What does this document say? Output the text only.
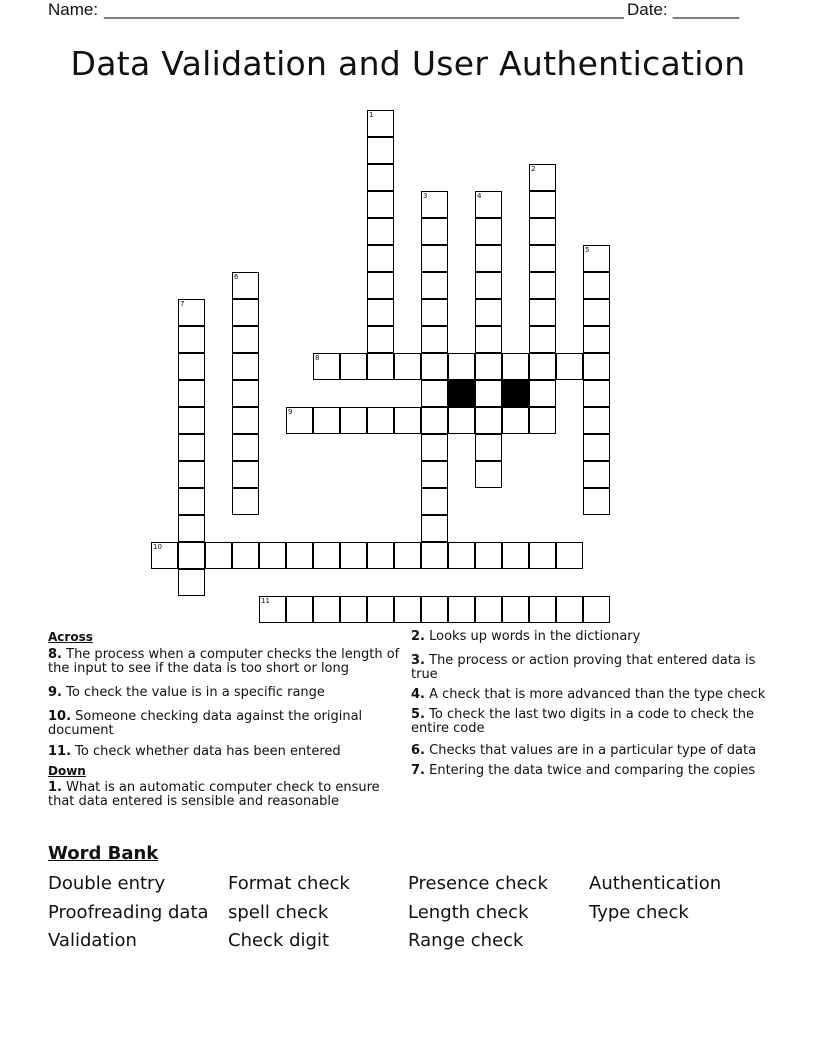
Name: _______________________________________________________ Date: _______
Data Validation and User Authentication
1
2
3	4
5
6
7
8
9
10
11
Across
8. The process when a computer checks the length of the input to see if the data is too short or long
9. To check the value is in a specific range
10. Someone checking data against the original document
11. To check whether data has been entered
Down
1. What is an automatic computer check to ensure that data entered is sensible and reasonable
2. Looks up words in the dictionary
3. The process or action proving that entered data is true
4. A check that is more advanced than the type check
5. To check the last two digits in a code to check the entire code
6. Checks that values are in a particular type of data
7. Entering the data twice and comparing the copies
Word Bank
Double entry	Format check	Presence check Authentication
Proofreading data spell check	Length check	Type check
Validation	Check digit	Range check
